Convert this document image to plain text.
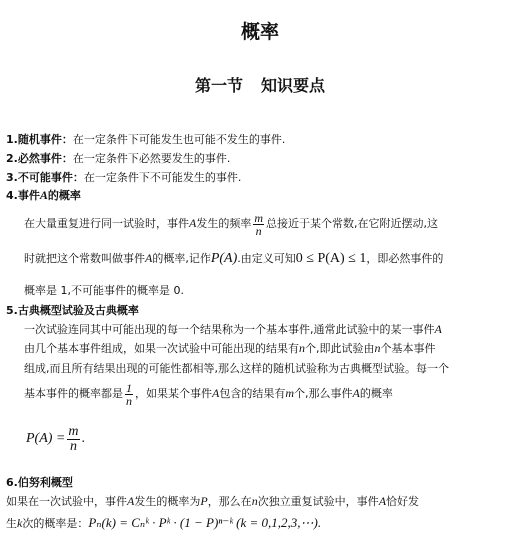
概率
第一节 知识要点
1.随机事件：在一定条件下可能发生也可能不发生的事件.
2.必然事件：在一定条件下必然要发生的事件.
3.不可能事件：在一定条件下不可能发生的事件.
4.事件A的概率
在大量重复进行同一试验时，事件A发生的频率 $\frac{m}{n}$ 总接近于某个常数,在它附近摆动,这
时就把这个常数叫做事件A的概率,记作P(A).由定义可知0 ≤ P(A) ≤ 1，即必然事件的
概率是 1,不可能事件的概率是 0.
5.古典概型试验及古典概率
一次试验连同其中可能出现的每一个结果称为一个基本事件,通常此试验中的某一事件A
由几个基本事件组成，如果一次试验中可能出现的结果有n个,即此试验由n个基本事件
组成,而且所有结果出现的可能性都相等,那么这样的随机试验称为古典概型试验。每一个
基本事件的概率都是 $\frac{1}{n}$ ，如果某个事件A包含的结果有m个,那么事件A的概率
$P(A) = \frac{m}{n}$ .
6.伯努利概型
如果在一次试验中，事件A发生的概率为P，那么在n次独立重复试验中，事件A恰好发
生k次的概率是：Pₙ(k) = Cₙᵏ · Pᵏ · (1 − P)ⁿ⁻ᵏ (k = 0,1,2,3,⋯).
